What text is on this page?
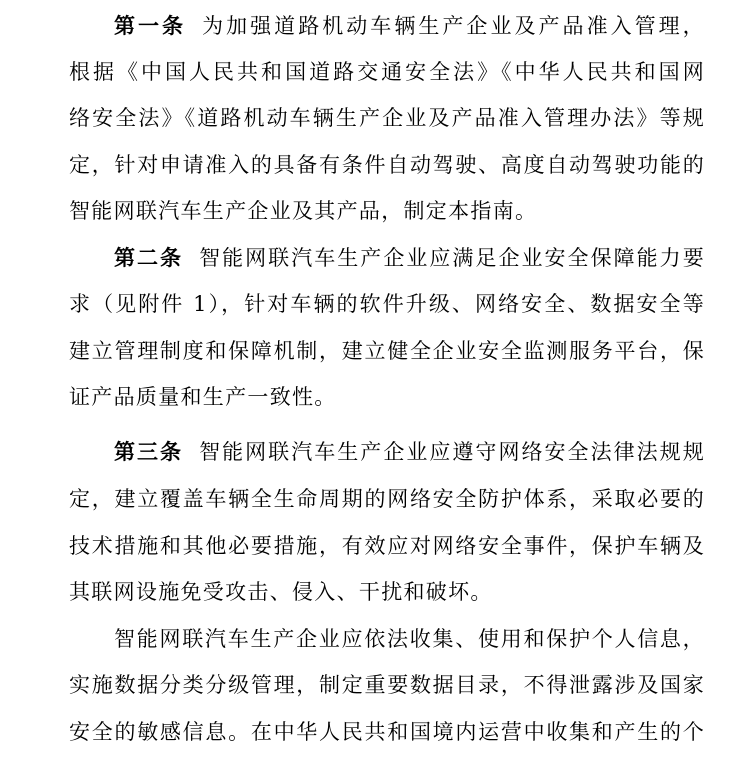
第一条 为加强道路机动车辆生产企业及产品准入管理，
根据《中国人民共和国道路交通安全法》《中华人民共和国网
络安全法》《道路机动车辆生产企业及产品准入管理办法》等规
定，针对申请准入的具备有条件自动驾驶、高度自动驾驶功能的
智能网联汽车生产企业及其产品，制定本指南。
第二条 智能网联汽车生产企业应满足企业安全保障能力要
求（见附件 1），针对车辆的软件升级、网络安全、数据安全等
建立管理制度和保障机制，建立健全企业安全监测服务平台，保
证产品质量和生产一致性。
第三条 智能网联汽车生产企业应遵守网络安全法律法规规
定，建立覆盖车辆全生命周期的网络安全防护体系，采取必要的
技术措施和其他必要措施，有效应对网络安全事件，保护车辆及
其联网设施免受攻击、侵入、干扰和破坏。
智能网联汽车生产企业应依法收集、使用和保护个人信息，
实施数据分类分级管理，制定重要数据目录，不得泄露涉及国家
安全的敏感信息。在中华人民共和国境内运营中收集和产生的个
